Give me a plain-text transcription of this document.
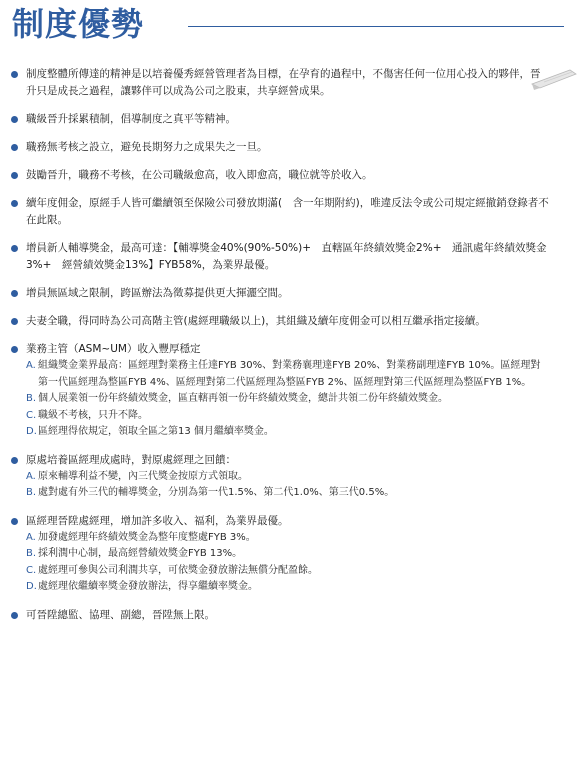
制度優勢
制度整體所傳達的精神是以培養優秀經營管理者為目標，在孕育的過程中，不傷害任何一位用心投入的夥伴，晉升只是成長之過程，讓夥伴可以成為公司之股東，共享經營成果。
職級晉升採累積制，倡導制度之真平等精神。
職務無考核之設立，避免長期努力之成果失之一旦。
鼓勵晉升，職務不考核，在公司職級愈高，收入即愈高，職位就等於收入。
續年度佣金，原經手人皆可繼續領至保險公司發放期滿(　含一年期附約)，唯違反法令或公司規定經撤銷登錄者不在此限。
增員新人輔導獎金，最高可達：【輔導獎金40%(90%-50%)+　直轄區年終績效獎金2%+　通訊處年終績效獎金3%+　經營績效獎金13%】FYB58%，為業界最優。
增員無區域之限制，跨區辦法為徵募提供更大揮灑空間。
夫妻全職，得同時為公司高階主管(處經理職級以上)，其組織及續年度佣金可以相互繼承指定接續。
業務主管（ASM~UM）收入豐厚穩定
A. 組織獎金業界最高：區經理對業務主任達FYB 30%、對業務襄理達FYB 20%、對業務副理達FYB 10%。區經理對第一代區經理為整區FYB 4%、區經理對第二代區經理為整區FYB 2%、區經理對第三代區經理為整區FYB 1%。
B. 個人展業領一份年終績效獎金，區直轄再領一份年終績效獎金，總計共領二份年終績效獎金。
C. 職級不考核，只升不降。
D. 區經理得依規定，領取全區之第13 個月繼續率獎金。
原處培養區經理成處時，對原處經理之回饋：
A. 原來輔導利益不變，內三代獎金按原方式領取。
B. 處對處有外三代的輔導獎金，分別為第一代1.5%、第二代1.0%、第三代0.5%。
區經理晉陞處經理，增加許多收入、福利，為業界最優。
A. 加發處經理年終績效獎金為整年度整處FYB 3%。
B. 採利潤中心制，最高經營績效獎金FYB 13%。
C. 處經理可參與公司利潤共享，可依獎金發放辦法無償分配盈餘。
D. 處經理依繼續率獎金發放辦法，得享繼續率獎金。
可晉陞總監、協理、副總，晉陞無上限。
